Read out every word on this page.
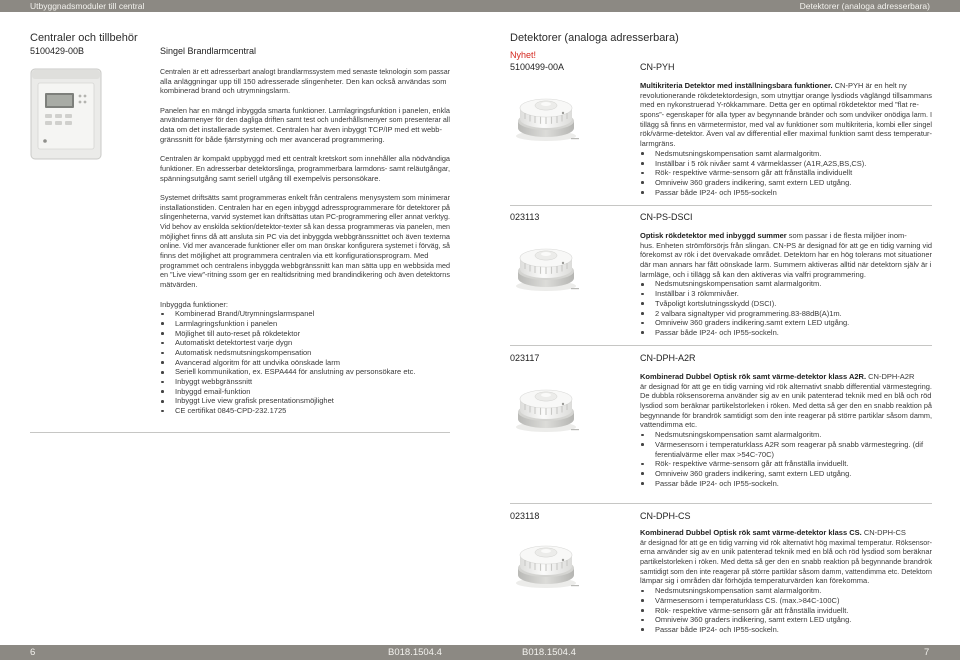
Utbyggnadsmoduler till central	Detektorer (analoga adresserbara)
Centraler och tillbehör
5100429-00B	Singel Brandlarmcentral
Centralen är ett adresserbart analogt brandlarmssystem med senaste teknologin som passar
alla anläggningar upp till 150 adresserade slingenheter. Den kan också användas som
kombinerad brand och utrymningslarm.
Panelen har en mängd inbyggda smarta funktioner. Larmlagringsfunktion i panelen, enkla
användarmenyer för den dagliga driften samt test och underhållsmenyer som presenterar all
data om det installerade systemet. Centralen har även inbyggt TCP/IP med ett webb-
gränssnitt för både fjärrstyrning och mer avancerad programmering.
Centralen är kompakt uppbyggd med ett centralt kretskort som innehåller alla nödvändiga
funktioner. En adresserbar detektorslinga, programmerbara larmdons- samt reläutgångar,
spänningsutgång samt seriell utgång till exempelvis personsökare.
Systemet driftsätts samt programmeras enkelt från centralens menysystem som minimerar
installationstiden. Centralen har en egen inbyggd adressprogrammerare för detektorer på
slingenheterna, varvid systemet kan driftsättas utan PC-programmering eller annat verktyg.
Vid behov av enskilda sektion/detektor-texter så kan dessa programmeras via panelen, men
möjlighet finns då att ansluta sin PC via det inbyggda webbgränssnittet och även texterna
online. Vid mer avancerade funktioner eller om man önskar konfigurera systemet i förväg, så
finns det möjlighet att programmera centralen via ett konfigurationsprogram. Med
programmet och centralens inbyggda webbgränssnitt kan man sätta upp en webbsida med
en ”Live view”-ritning ssom ger en realtidsritning med brandindikering och även detektorns
mätvärden.
Inbyggda funktioner:
Kombinerad Brand/Utrymningslarmspanel
Larmlagringsfunktion i panelen
Möjlighet till auto-reset på rökdetektor
Automatiskt detektortest varje dygn
Automatisk nedsmutsningskompensation
Avancerad algoritm för att undvika oönskade larm
Seriell kommunikation, ex. ESPA444 för anslutning av personsökare etc.
Inbyggt webbgränssnitt
Inbyggd email-funktion
Inbyggt Live view grafisk presentationsmöjlighet
CE certifikat 0845-CPD-232.1725
Detektorer (analoga adresserbara)
Nyhet!
5100499-00A	CN-PYH
Multikriteria Detektor med inställningsbara funktioner. CN-PYH är en helt ny
revolutionerande rökdetektordesign, som utnyttjar orange lysdiods väglängd tillsammans
med en nykonstruerad Y-rökkammare. Detta ger en optimal rökdetektor med ”flat re-
spons”- egenskaper för alla typer av begynnande bränder och som undviker onödiga larm. I
tillägg så finns en värmetermistor, med val av funktioner som multikriteria, kombi eller singel
rök/värme-detektor. Även val av differential eller maximal funktion samt dess temperatur-
larmgräns.
Nedsmutsningskompensation samt alarmalgoritm.
Inställbar i 5 rök nivåer samt 4 värmeklasser (A1R,A2S,BS,CS).
Rök- respektive värme-sensorn går att frånställa individuellt
Omniveiw 360 graders indikering, samt extern LED utgång.
Passar både IP24- och IP55-sockeln
023113	CN-PS-DSCI
Optisk rökdetektor med inbyggd summer som passar i de flesta miljöer inom-
hus. Enheten strömförsörjs från slingan. CN-PS är designad för att ge en tidig varning vid
förekomst av rök i det övervakade området. Detektorn har en hög tolerans mot situationer
där man annars har fått oönskade larm. Summern aktiveras alltid när detektorn själv är i
larmläge, och i tillägg så kan den aktiveras via valfri programmering.
Nedsmutsningskompensation samt alarmalgoritm.
Inställbar i 3 rökmrnivåer.
Tvåpoligt kortslutningsskydd (DSCI).
2 valbara signaltyper vid programmering.83-88dB(A)1m.
Omniveiw 360 graders indikering.samt extern LED utgång.
Passar både IP24- och IP55-sockeln.
023117	CN-DPH-A2R
Kombinerad Dubbel Optisk rök samt värme-detektor klass A2R. CN-DPH-A2R
är designad för att ge en tidig varning vid rök alternativt snabb differential värmestegring.
De dubbla röksensorerna använder sig av en unik patenterad teknik med en blå och röd
lysdiod som beräknar partikelstorleken i röken. Med detta så ger den en snabb reaktion på
begynnande för brandrök samtidigt som den inte reagerar på större partiklar såsom damm,
vattendimma etc.
Nedsmutsningskompensation samt alarmalgoritm.
Värmesensorn i temperaturklass A2R som reagerar på snabb värmestegring. (dif
ferentialvärme eller max >54C-70C)
Rök- respektive värme-sensorn går att frånställa inviduellt.
Omniveiw 360 graders indikering, samt extern LED utgång.
Passar både IP24- och IP55-sockeln.
023118	CN-DPH-CS
Kombinerad Dubbel Optisk rök samt värme-detektor klass CS. CN-DPH-CS
är designad för att ge en tidig varning vid rök alternativt hög maximal temperatur. Röksensor-
erna använder sig av en unik patenterad teknik med en blå och röd lysdiod som beräknar
partikelstorleken i röken. Med detta så ger den en snabb reaktion på begynnande brandrök
samtidigt som den inte reagerar på större partiklar såsom damm, vattendimma etc. Detektorn
lämpar sig i områden där förhöjda temperaturvärden kan förekomma.
Nedsmutsningskompensation samt alarmalgoritm.
Värmesensorn i temperaturklass CS. (max.>84C-100C)
Rök- respektive värme-sensorn går att frånställa inviduellt.
Omniveiw 360 graders indikering, samt extern LED utgång.
Passar både IP24- och IP55-sockeln.
6	B018.1504.4	B018.1504.4	7
